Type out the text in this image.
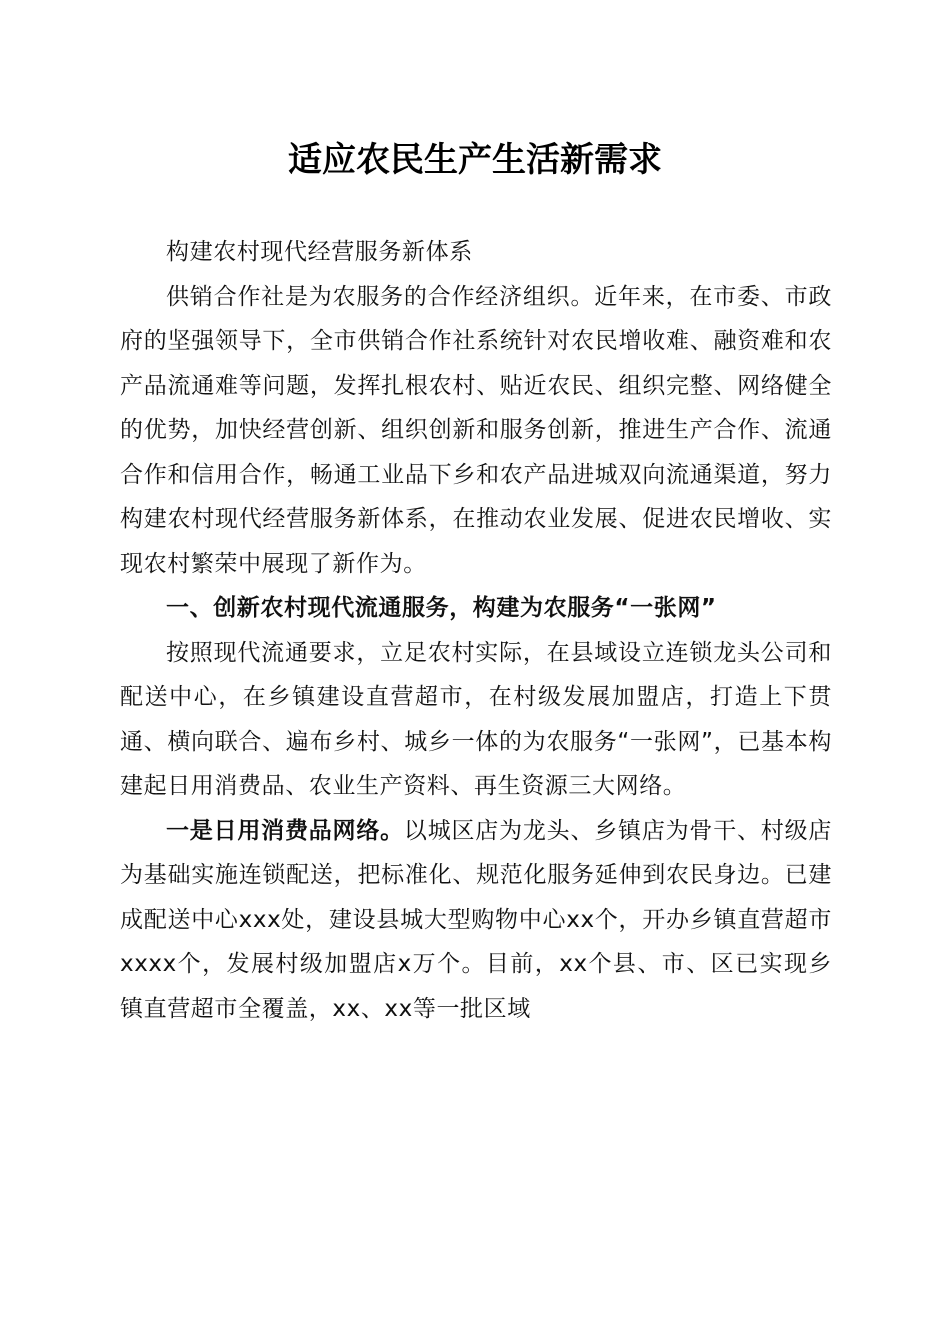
适应农民生产生活新需求

构建农村现代经营服务新体系

供销合作社是为农服务的合作经济组织。近年来，在市委、市政府的坚强领导下，全市供销合作社系统针对农民增收难、融资难和农产品流通难等问题，发挥扎根农村、贴近农民、组织完整、网络健全的优势，加快经营创新、组织创新和服务创新，推进生产合作、流通合作和信用合作，畅通工业品下乡和农产品进城双向流通渠道，努力构建农村现代经营服务新体系，在推动农业发展、促进农民增收、实现农村繁荣中展现了新作为。

一、创新农村现代流通服务，构建为农服务“一张网”

按照现代流通要求，立足农村实际，在县域设立连锁龙头公司和配送中心，在乡镇建设直营超市，在村级发展加盟店，打造上下贯通、横向联合、遍布乡村、城乡一体的为农服务“一张网”，已基本构建起日用消费品、农业生产资料、再生资源三大网络。

一是日用消费品网络。以城区店为龙头、乡镇店为骨干、村级店为基础实施连锁配送，把标准化、规范化服务延伸到农民身边。已建成配送中心xxx处，建设县城大型购物中心xx个，开办乡镇直营超市xxxx个，发展村级加盟店x万个。目前，xx个县、市、区已实现乡镇直营超市全覆盖，xx、xx等一批区域
